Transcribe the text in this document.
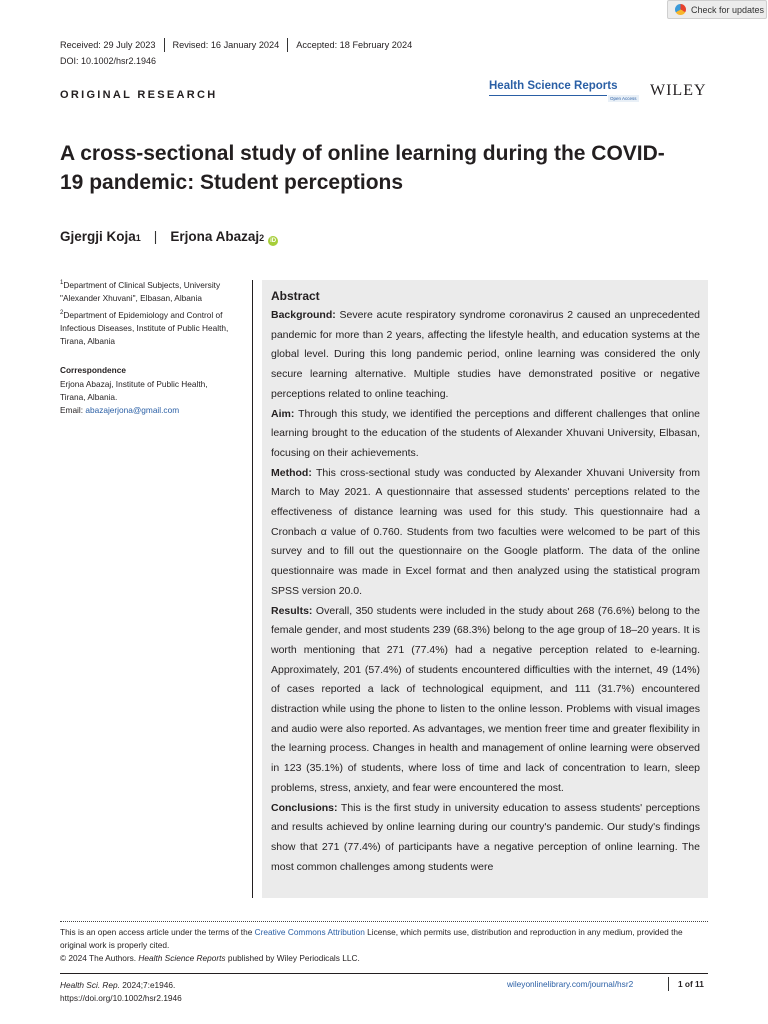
Check for updates
Received: 29 July 2023 Revised: 16 January 2024 Accepted: 18 February 2024
DOI: 10.1002/hsr2.1946
ORIGINAL RESEARCH
Health Science Reports
Open Access WILEY
A cross-sectional study of online learning during the COVID-19 pandemic: Student perceptions
Gjergji Koja 1 | Erjona Abazaj 2	iD
$^1$Department of Clinical Subjects, University "Alexander Xhuvani", Elbasan, Albania
$^2$Department of Epidemiology and Control of Infectious Diseases, Institute of Public Health, Tirana, Albania
Correspondence
Erjona Abazaj, Institute of Public Health,
Tirana, Albania.
Email: abazajerjona@gmail.com
Abstract

Background: Severe acute respiratory syndrome coronavirus 2 caused an unprecedented pandemic for more than 2 years, affecting the lifestyle health, and education systems at the global level. During this long pandemic period, online learning was considered the only secure learning alternative. Multiple studies have demonstrated positive or negative perceptions related to online teaching.

Aim: Through this study, we identified the perceptions and different challenges that online learning brought to the education of the students of Alexander Xhuvani University, Elbasan, focusing on their achievements.

Method: This cross-sectional study was conducted by Alexander Xhuvani University from March to May 2021. A questionnaire that assessed students' perceptions related to the effectiveness of distance learning was used for this study. This questionnaire had a Cronbach α value of 0.760. Students from two faculties were welcomed to be part of this survey and to fill out the questionnaire on the Google platform. The data of the online questionnaire was made in Excel format and then analyzed using the statistical program SPSS version 20.0.

Results: Overall, 350 students were included in the study about 268 (76.6%) belong to the female gender, and most students 239 (68.3%) belong to the age group of 18–20 years. It is worth mentioning that 271 (77.4%) had a negative perception related to e-learning. Approximately, 201 (57.4%) of students encountered difficulties with the internet, 49 (14%) of cases reported a lack of technological equipment, and 111 (31.7%) encountered distraction while using the phone to listen to the online lesson. Problems with visual images and audio were also reported. As advantages, we mention freer time and greater flexibility in the learning process. Changes in health and management of online learning were observed in 123 (35.1%) of students, where loss of time and lack of concentration to learn, sleep problems, stress, anxiety, and fear were encountered the most.

Conclusions: This is the first study in university education to assess students' perceptions and results achieved by online learning during our country's pandemic. Our study's findings show that 271 (77.4%) of participants have a negative perception of online learning. The most common challenges among students were

This is an open access article under the terms of the Creative Commons Attribution License, which permits use, distribution and reproduction in any medium, provided the original work is properly cited.
© 2024 The Authors. Health Science Reports published by Wiley Periodicals LLC.
Health Sci. Rep. 2024;7:e1946.
https://doi.org/10.1002/hsr2.1946
wileyonlinelibrary.com/journal/hsr2	1 of 11
